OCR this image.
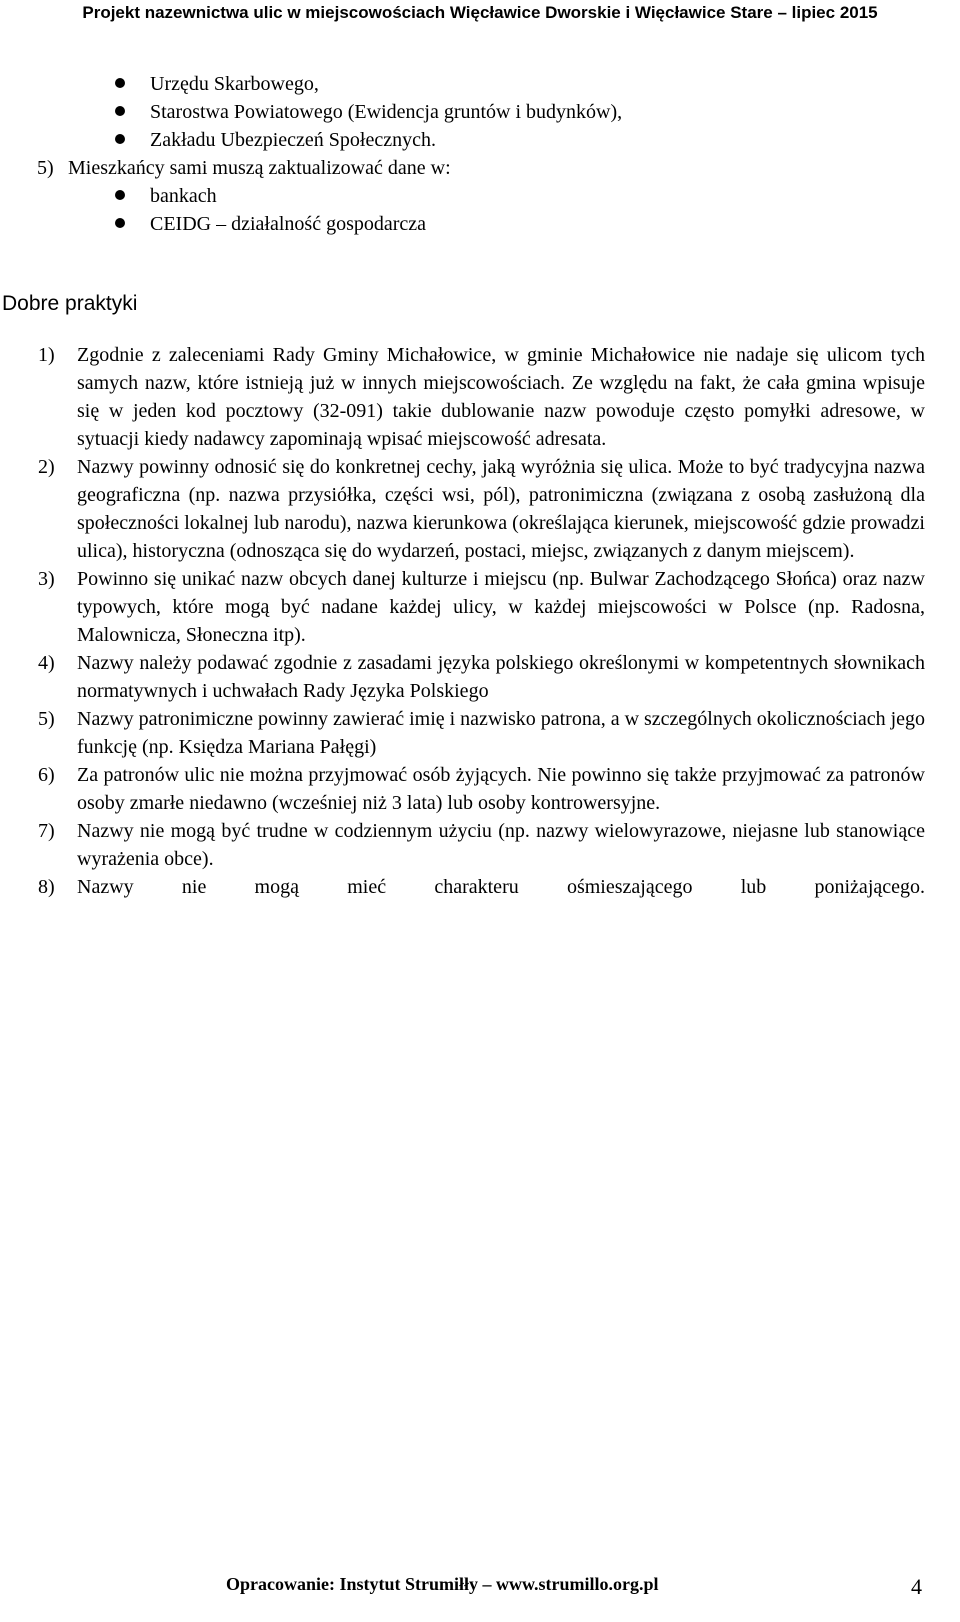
Projekt nazewnictwa ulic w miejscowościach Więcławice Dworskie i Więcławice Stare – lipiec 2015
Urzędu Skarbowego,
Starostwa Powiatowego (Ewidencja gruntów i budynków),
Zakładu Ubezpieczeń Społecznych.
5) Mieszkańcy sami muszą zaktualizować dane w:
bankach
CEIDG – działalność gospodarcza
Dobre praktyki
1) Zgodnie z zaleceniami Rady Gminy Michałowice, w gminie Michałowice nie nadaje się ulicom tych samych nazw, które istnieją już w innych miejscowościach. Ze względu na fakt, że cała gmina wpisuje się w jeden kod pocztowy (32-091) takie dublowanie nazw powoduje często pomyłki adresowe, w sytuacji kiedy nadawcy zapominają wpisać miejscowość adresata.
2) Nazwy powinny odnosić się do konkretnej cechy, jaką wyróżnia się ulica. Może to być tradycyjna nazwa geograficzna (np. nazwa przysiółka, części wsi, pól), patronimiczna (związana z osobą zasłużoną dla społeczności lokalnej lub narodu), nazwa kierunkowa (określająca kierunek, miejscowość gdzie prowadzi ulica), historyczna (odnosząca się do wydarzeń, postaci, miejsc, związanych z danym miejscem).
3) Powinno się unikać nazw obcych danej kulturze i miejscu (np. Bulwar Zachodzącego Słońca) oraz nazw typowych, które mogą być nadane każdej ulicy, w każdej miejscowości w Polsce (np. Radosna, Malownicza, Słoneczna itp).
4) Nazwy należy podawać zgodnie z zasadami języka polskiego określonymi w kompetentnych słownikach normatywnych i uchwałach Rady Języka Polskiego
5) Nazwy patronimiczne powinny zawierać imię i nazwisko patrona, a w szczególnych okolicznościach jego funkcję (np. Księdza Mariana Pałęgi)
6) Za patronów ulic nie można przyjmować osób żyjących. Nie powinno się także przyjmować za patronów osoby zmarłe niedawno (wcześniej niż 3 lata) lub osoby kontrowersyjne.
7) Nazwy nie mogą być trudne w codziennym użyciu (np. nazwy wielowyrazowe, niejasne lub stanowiące wyrażenia obce).
8) Nazwy nie mogą mieć charakteru ośmieszającego lub poniżającego.
Opracowanie: Instytut Strumiłły – www.strumillo.org.pl	4
